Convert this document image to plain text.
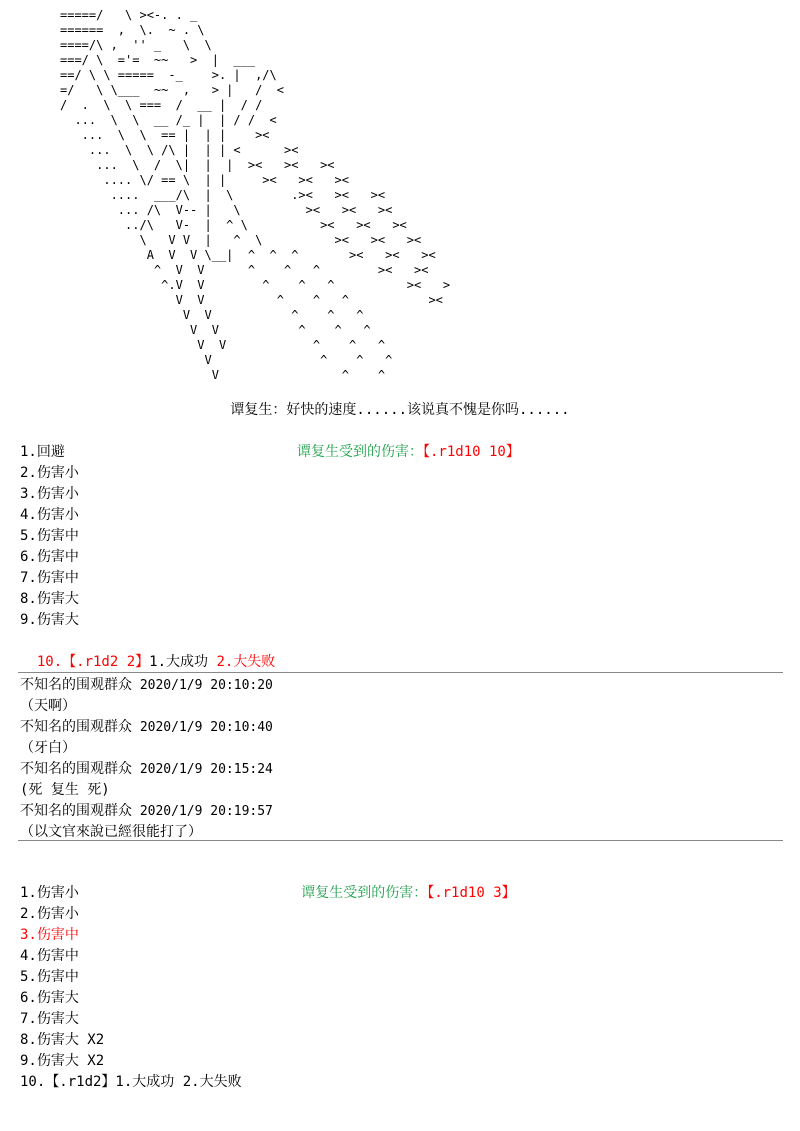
=====/   \ ><-. . _
======  ,  \.  ~ . \
====/\ ,  '' _   \  \
===/ \  ='=  ~~   >  |  ___
==/ \ \ =====  -_    >. |  ,/\
=/   \ \___  ~~  ,   > |   /  <
/  .  \  \ ===  /  __ |  / /
...  \  \  __ /_ |  | / /  <
...  \  \  == |  | |    ><
...  \  \ /\ |  | | <      ><
...  \  /  \|  |  |  ><   ><   ><
.... \/ == \  | |     ><   ><   ><
....  ___/\  |  \        .><   ><   ><
... /\  V-- |   \         ><   ><   ><
../\   V-  |  ^ \          ><   ><   ><
\   V V  |   ^  \          ><   ><   ><
A  V  V \__|  ^  ^  ^       ><   ><   ><
^  V  V      ^    ^   ^        ><   ><
^.V  V        ^    ^   ^          ><   >
V  V          ^    ^   ^           ><
V  V           ^    ^   ^
V  V           ^    ^   ^
V  V            ^    ^   ^
V               ^    ^   ^
V                 ^    ^
谭复生：好快的速度......该说真不愧是你吗......

谭复生受到的伤害：【.r1d10 10】

1.回避
2.伤害小
3.伤害小
4.伤害小
5.伤害中
6.伤害中
7.伤害中
8.伤害大
9.伤害大

10.【.r1d2 2】1.大成功 2.大失败

不知名的围观群众 2020/1/9 20:10:20
（天啊）
不知名的围观群众 2020/1/9 20:10:40
（牙白）
不知名的围观群众 2020/1/9 20:15:24
(死 复生 死)
不知名的围观群众 2020/1/9 20:19:57
（以文官來說已經很能打了）

谭复生受到的伤害：【.r1d10 3】

1.伤害小
2.伤害小
3.伤害中
4.伤害中
5.伤害中
6.伤害大
7.伤害大
8.伤害大 X2
9.伤害大 X2
10.【.r1d2】1.大成功 2.大失败
